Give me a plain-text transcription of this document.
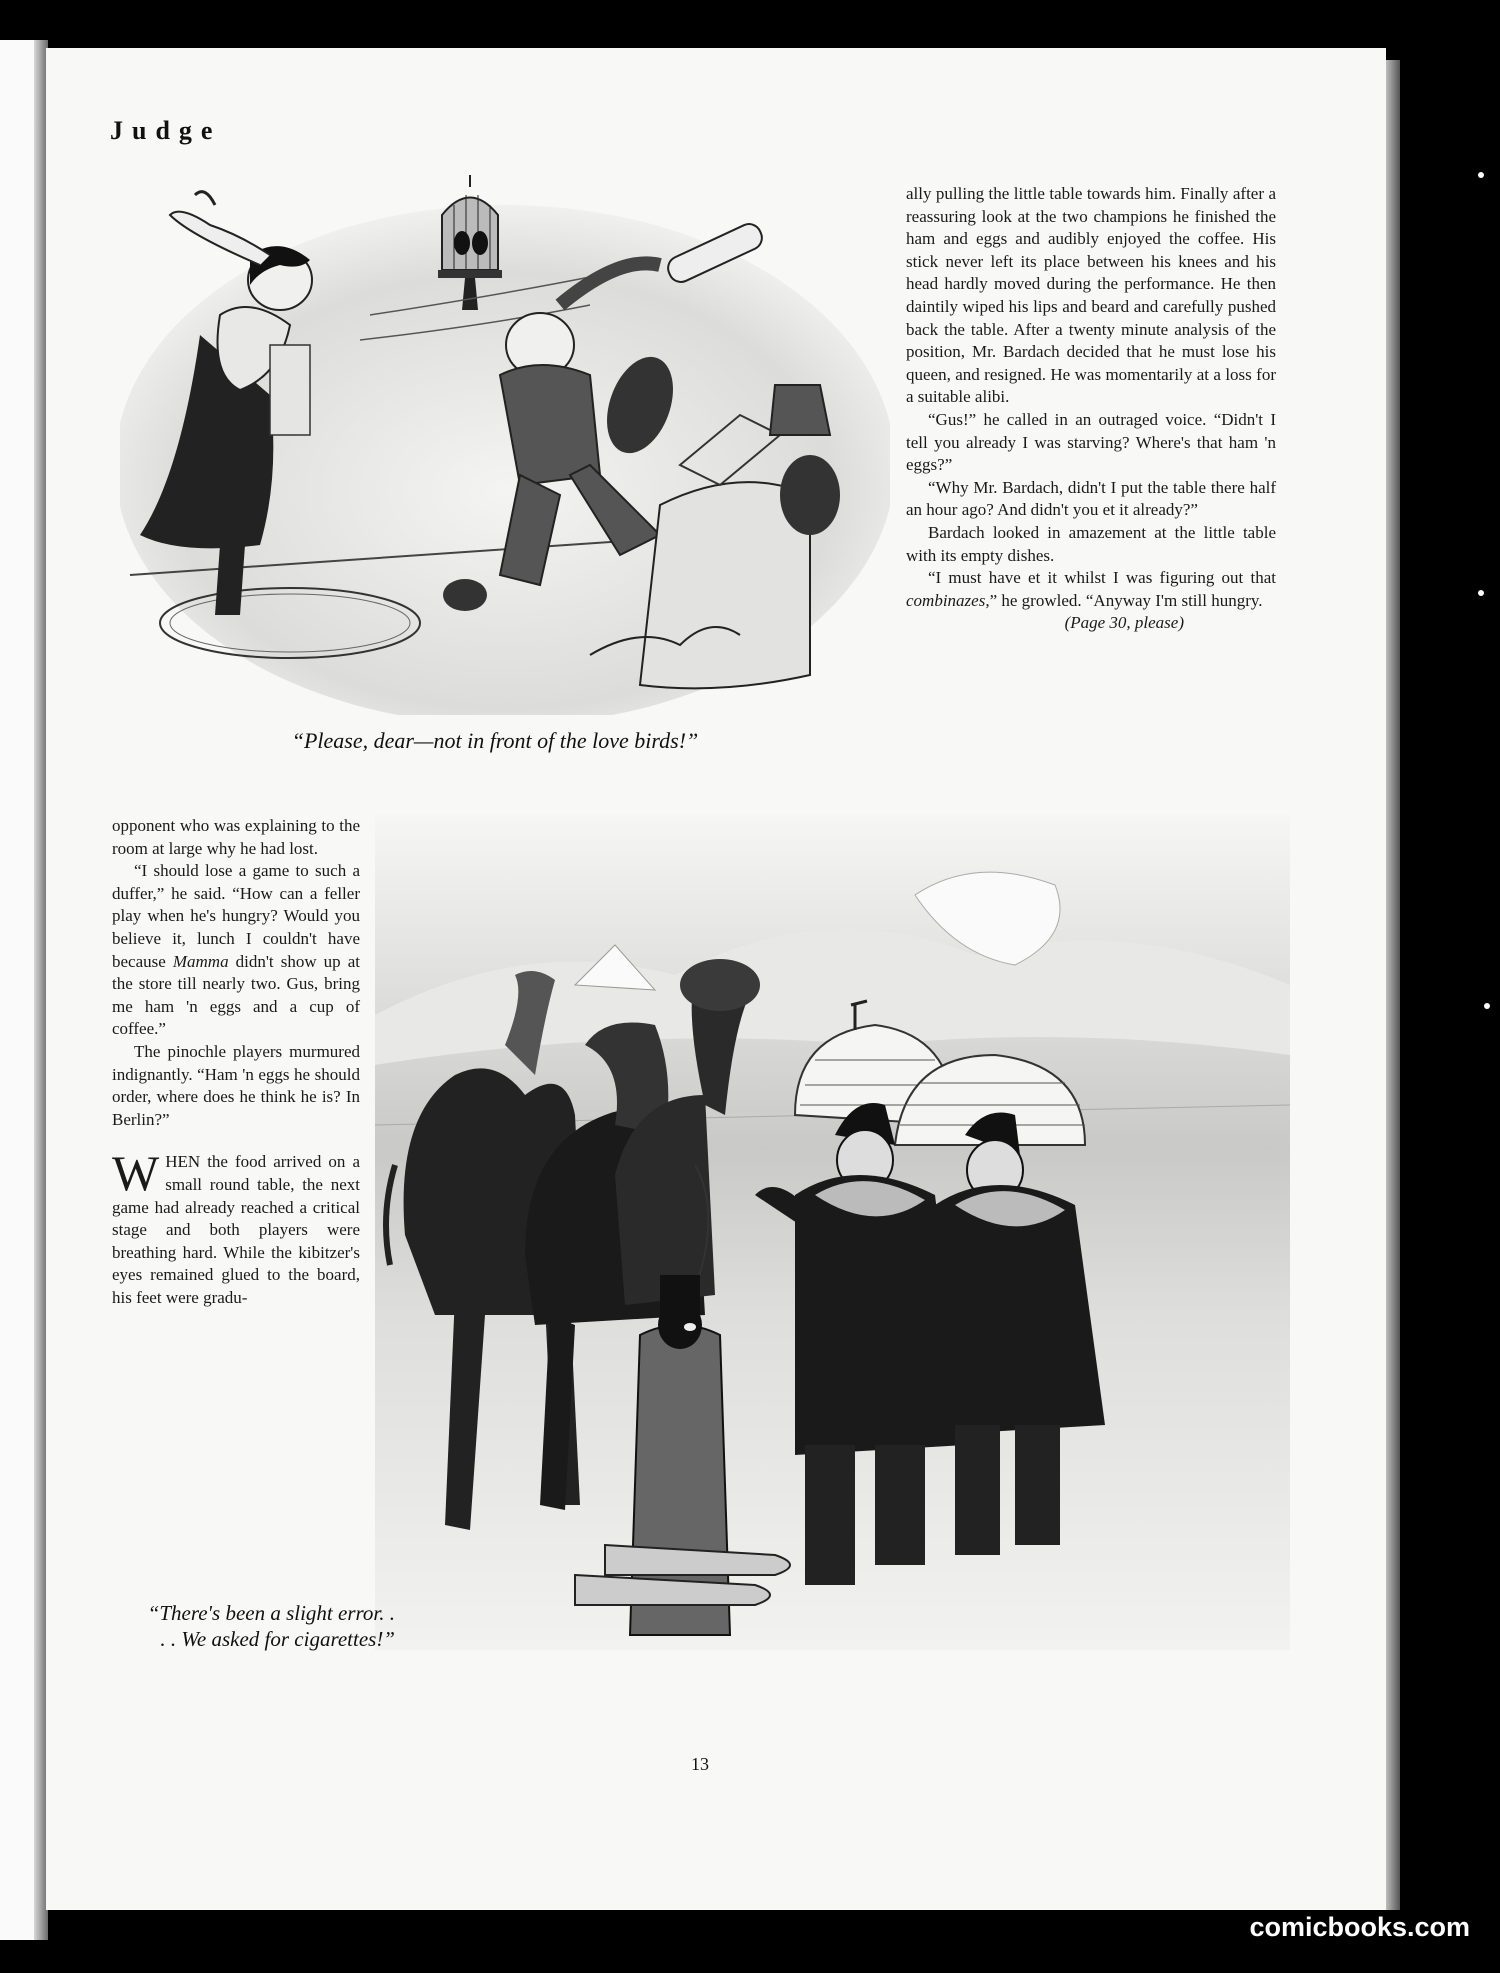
Judge

ally pulling the little table towards him. Finally after a reassuring look at the two champions he finished the ham and eggs and audibly enjoyed the coffee. His stick never left its place between his knees and his head hardly moved during the performance. He then daintily wiped his lips and beard and carefully pushed back the table. After a twenty minute analysis of the position, Mr. Bardach decided that he must lose his queen, and resigned. He was momentarily at a loss for a suitable alibi.

“Gus!” he called in an outraged voice. “Didn't I tell you already I was starving? Where's that ham 'n eggs?”

“Why Mr. Bardach, didn't I put the table there half an hour ago? And didn't you et it already?”

Bardach looked in amazement at the little table with its empty dishes.

“I must have et it whilst I was figuring out that combinazes,” he growled. “Anyway I'm still hungry.

(Page 30, please)
“Please, dear—not in front of the love birds!”

opponent who was explaining to the room at large why he had lost.

“I should lose a game to such a duffer,” he said. “How can a feller play when he's hungry? Would you believe it, lunch I couldn't have because Mamma didn't show up at the store till nearly two. Gus, bring me ham 'n eggs and a cup of coffee.”

The pinochle players murmured indignantly. “Ham 'n eggs he should order, where does he think he is? In Berlin?”

WHEN the food arrived on a small round table, the next game had already reached a critical stage and both players were breathing hard. While the kibitzer's eyes remained glued to the board, his feet were gradu-

“There's been a slight error. . . . We asked for cigarettes!”
13
comicbooks.com
